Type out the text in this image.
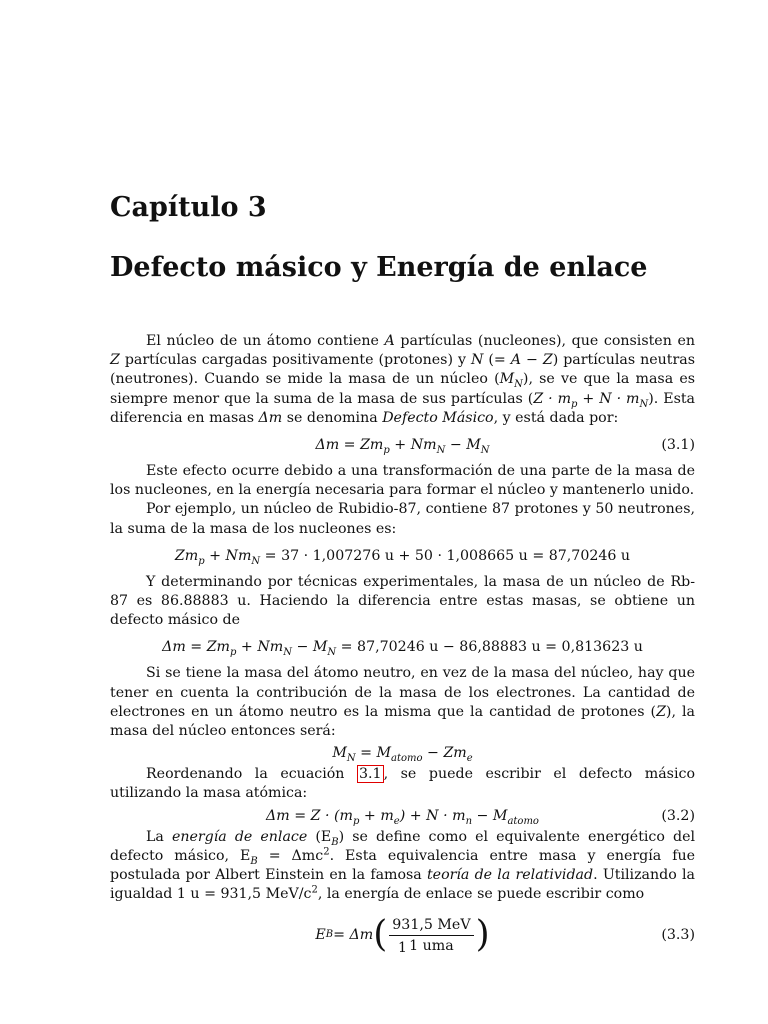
Capítulo 3
Defecto másico y Energía de enlace

El núcleo de un átomo contiene A partículas (nucleones), que consisten en Z partículas cargadas positivamente (protones) y N (= A − Z) partículas neutras (neutrones). Cuando se mide la masa de un núcleo $(M_N)$, se ve que la masa es siempre menor que la suma de la masa de sus partículas $(Z \cdot m_p + N \cdot m_N)$. Esta diferencia en masas Δm se denomina Defecto Másico, y está dada por:

$\Delta m = Zm_p + Nm_N - M_N$	(3.1)

Este efecto ocurre debido a una transformación de una parte de la masa de los nucleones, en la energía necesaria para formar el núcleo y mantenerlo unido.

Por ejemplo, un núcleo de Rubidio-87, contiene 87 protones y 50 neutrones, la suma de la masa de los nucleones es:

$Zm_p + Nm_N = 37 \cdot 1,007276$ u + 50 · 1,008665 u = 87,70246 u

Y determinando por técnicas experimentales, la masa de un núcleo de Rb-87 es 86.88883 u. Haciendo la diferencia entre estas masas, se obtiene un defecto másico de

$\Delta m = Zm_p + Nm_N - M_N = 87,70246$ u − 86,88883 u = 0,813623 u

Si se tiene la masa del átomo neutro, en vez de la masa del núcleo, hay que tener en cuenta la contribución de la masa de los electrones. La cantidad de electrones en un átomo neutro es la misma que la cantidad de protones (Z), la masa del núcleo entonces será:

$M_N = M_{atomo} - Zm_e$

Reordenando la ecuación 3.1 , se puede escribir el defecto másico utilizando la masa atómica:

$\Delta m = Z \cdot (m_p + m_e) + N \cdot m_n - M_{atomo}$	(3.2)

La energía de enlace $(E_B)$ se define como el equivalente energético del defecto másico, $E_B = \Delta mc^2$. Esta equivalencia entre masa y energía fue postulada por Albert Einstein en la famosa teoría de la relatividad. Utilizando la igualdad 1 u = 931,5 MeV/$c^2$, la energía de enlace se puede escribir como

E B = Δm ( $\frac{\text{931,5 MeV}}{\text{1 uma}}$ )	(3.3)
1
